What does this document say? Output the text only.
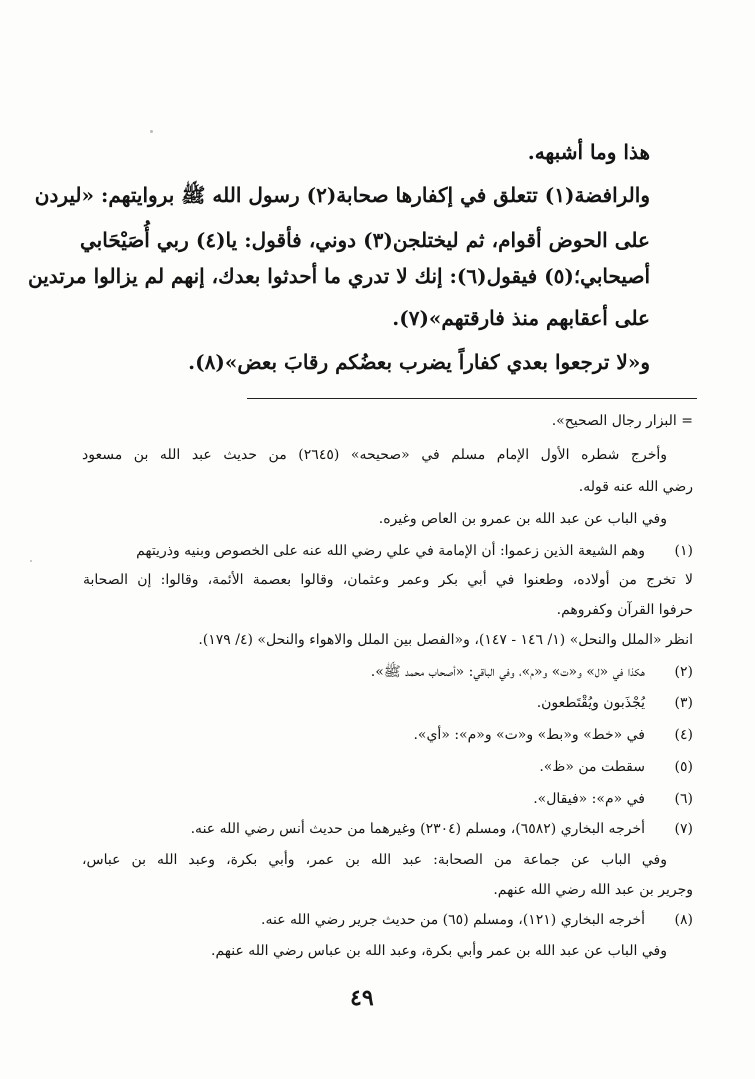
هذا وما أشبهه.
والرافضة(١) تتعلق في إكفارها صحابة(٢) رسول الله ﷺ بروايتهم: «ليردن
على الحوض أقوام، ثم ليختلجن(٣) دوني، فأقول: يا(٤) ربي أُصَيْحَابي
أصيحابي؛(٥) فيقول(٦): إنك لا تدري ما أحدثوا بعدك، إنهم لم يزالوا مرتدين
على أعقابهم منذ فارقتهم»(٧).
و«لا ترجعوا بعدي كفاراً يضرب بعضُكم رقابَ بعض»(٨).
= البزار رجال الصحيح».
وأخرج شطره الأول الإمام مسلم في «صحيحه» (٢٦٤٥) من حديث عبد الله بن مسعود
رضي الله عنه قوله.
وفي الباب عن عبد الله بن عمرو بن العاص وغيره.
(١)وهم الشيعة الذين زعموا: أن الإمامة في علي رضي الله عنه على الخصوص وبنيه وذريتهم
لا تخرج من أولاده، وطعنوا في أبي بكر وعمر وعثمان، وقالوا بعصمة الأئمة، وقالوا: إن الصحابة
حرفوا القرآن وكفروهم.
انظر «الملل والنحل» (١/ ١٤٦ - ١٤٧)، و«الفصل بين الملل والاهواء والنحل» (٤/ ١٧٩).
(٢)هكذا في «ل» و«ت» و«م»، وفي الباقي: «أصحاب محمد ﷺ».
(٣)يُجْذَبون ويُقْتَطعون.
(٤)في «خط» و«بط» و«ت» و«م»: «أي».
(٥)سقطت من «ظ».
(٦)في «م»: «فيقال».
(٧)أخرجه البخاري (٦٥٨٢)، ومسلم (٢٣٠٤) وغيرهما من حديث أنس رضي الله عنه.
وفي الباب عن جماعة من الصحابة: عبد الله بن عمر، وأبي بكرة، وعبد الله بن عباس،
وجرير بن عبد الله رضي الله عنهم.
(٨)أخرجه البخاري (١٢١)، ومسلم (٦٥) من حديث جرير رضي الله عنه.
وفي الباب عن عبد الله بن عمر وأبي بكرة، وعبد الله بن عباس رضي الله عنهم.
٤٩
